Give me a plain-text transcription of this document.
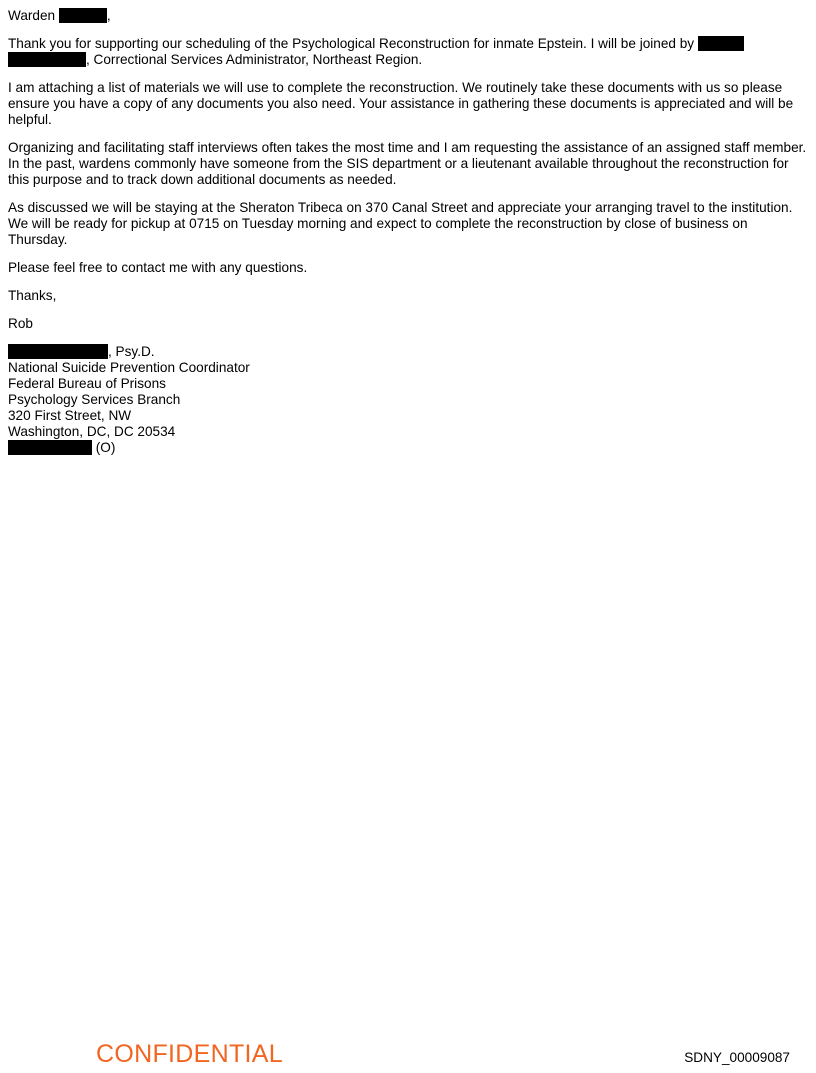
Warden	,

Thank you for supporting our scheduling of the Psychological Reconstruction for inmate Epstein. I will be joined by
, Correctional Services Administrator, Northeast Region.

I am attaching a list of materials we will use to complete the reconstruction. We routinely take these documents with us so please ensure you have a copy of any documents you also need. Your assistance in gathering these documents is appreciated and will be helpful.

Organizing and facilitating staff interviews often takes the most time and I am requesting the assistance of an assigned staff member. In the past, wardens commonly have someone from the SIS department or a lieutenant available throughout the reconstruction for this purpose and to track down additional documents as needed.

As discussed we will be staying at the Sheraton Tribeca on 370 Canal Street and appreciate your arranging travel to the institution. We will be ready for pickup at 0715 on Tuesday morning and expect to complete the reconstruction by close of business on Thursday.

Please feel free to contact me with any questions.

Thanks,

Rob

, Psy.D.
National Suicide Prevention Coordinator
Federal Bureau of Prisons
Psychology Services Branch
320 First Street, NW
Washington, DC, DC 20534
(O)
CONFIDENTIAL	SDNY_00009087
